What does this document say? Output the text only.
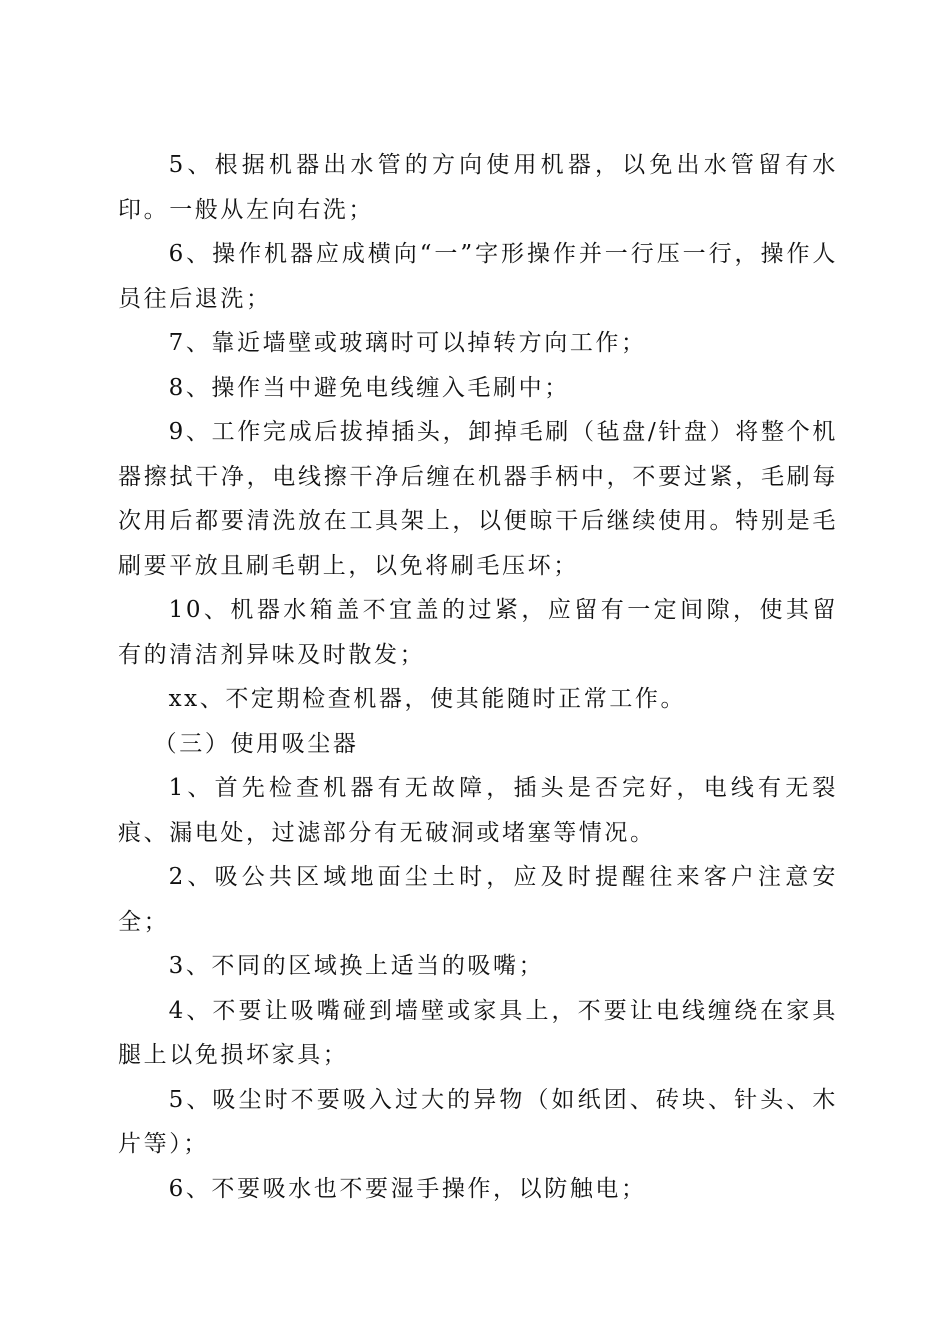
5、根据机器出水管的方向使用机器，以免出水管留有水印。一般从左向右洗；

6、操作机器应成横向“一”字形操作并一行压一行，操作人员往后退洗；

7、靠近墙壁或玻璃时可以掉转方向工作；

8、操作当中避免电线缠入毛刷中；

9、工作完成后拔掉插头，卸掉毛刷（毡盘/针盘）将整个机器擦拭干净，电线擦干净后缠在机器手柄中，不要过紧，毛刷每次用后都要清洗放在工具架上，以便晾干后继续使用。特别是毛刷要平放且刷毛朝上，以免将刷毛压坏；

10、机器水箱盖不宜盖的过紧，应留有一定间隙，使其留有的清洁剂异味及时散发；

xx、不定期检查机器，使其能随时正常工作。

（三）使用吸尘器

1、首先检查机器有无故障，插头是否完好，电线有无裂痕、漏电处，过滤部分有无破洞或堵塞等情况。

2、吸公共区域地面尘土时，应及时提醒往来客户注意安全；

3、不同的区域换上适当的吸嘴；

4、不要让吸嘴碰到墙壁或家具上，不要让电线缠绕在家具腿上以免损坏家具；

5、吸尘时不要吸入过大的异物（如纸团、砖块、针头、木片等）；

6、不要吸水也不要湿手操作，以防触电；
